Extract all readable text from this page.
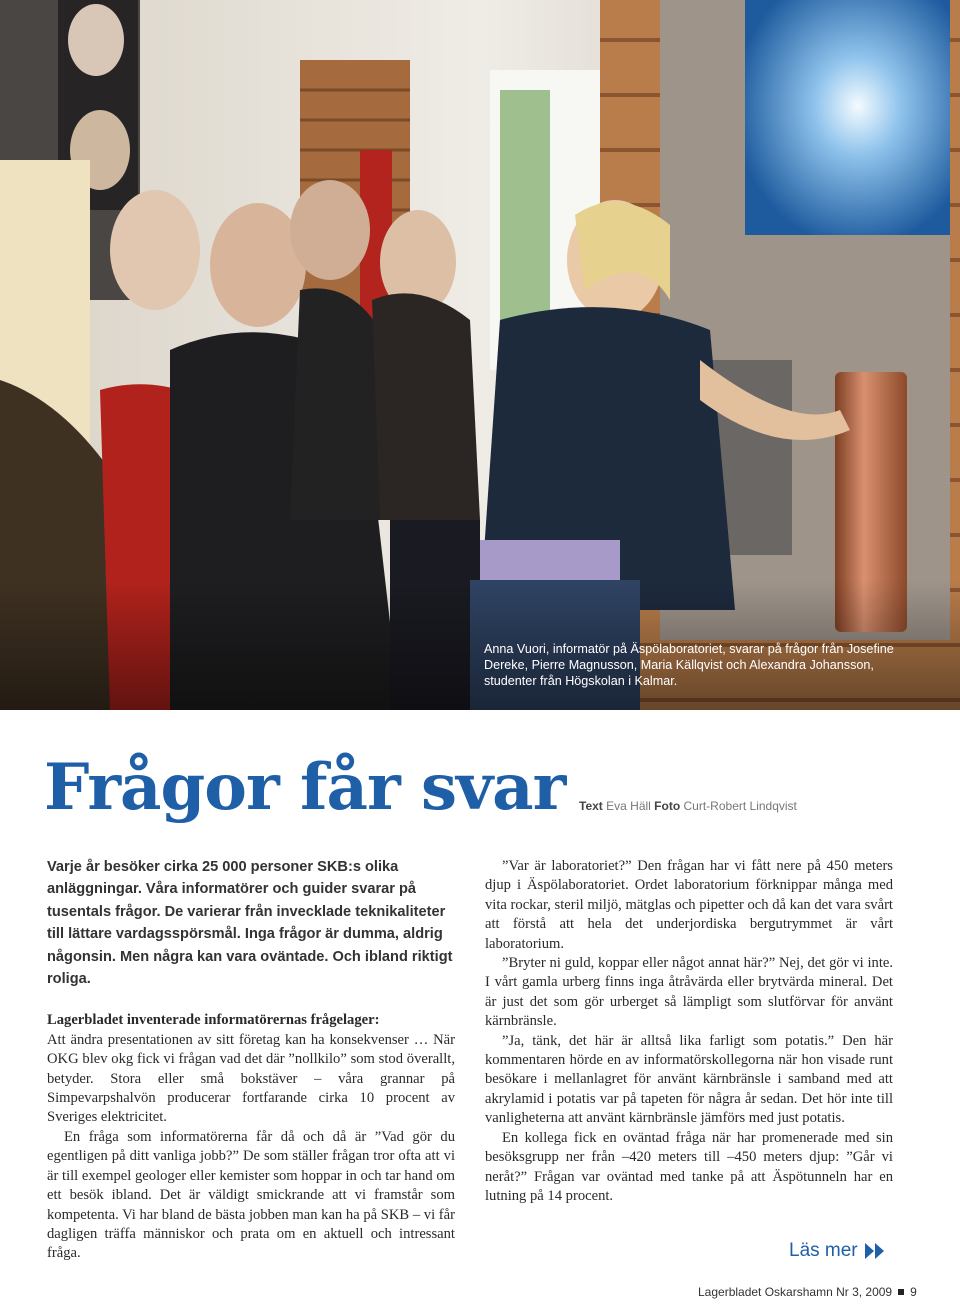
Anna Vuori, informatör på Äspölaboratoriet, svarar på frågor från Josefine Dereke, Pierre Magnusson, Maria Källqvist och Alexandra Johansson, studenter från Högskolan i Kalmar.
Frågor får svar Text Eva Häll Foto Curt-Robert Lindqvist

Varje år besöker cirka 25 000 personer SKB:s olika anläggningar. Våra informatörer och guider svarar på tusentals frågor. De varierar från invecklade teknikaliteter till lättare vardagsspörsmål. Inga frågor är dumma, aldrig någonsin. Men några kan vara oväntade. Och ibland riktigt roliga.

Lagerbladet inventerade informatörernas frågelager:

Att ändra presentationen av sitt företag kan ha konsekvenser … När OKG blev okg fick vi frågan vad det där ”nollkilo” som stod överallt, betyder. Stora eller små bokstäver – våra grannar på Simpevarpshalvön producerar fortfarande cirka 10 procent av Sveriges elektricitet.

En fråga som informatörerna får då och då är ”Vad gör du egentligen på ditt vanliga jobb?” De som ställer frågan tror ofta att vi är till exempel geologer eller kemister som hoppar in och tar hand om ett besök ibland. Det är väldigt smickrande att vi framstår som kompetenta. Vi har bland de bästa jobben man kan ha på SKB – vi får dagligen träffa människor och prata om en aktuell och intressant fråga.

”Var är laboratoriet?” Den frågan har vi fått nere på 450 meters djup i Äspölaboratoriet. Ordet laboratorium förknippar många med vita rockar, steril miljö, mätglas och pipetter och då kan det vara svårt att förstå att hela det underjordiska bergutrymmet är vårt laboratorium.

”Bryter ni guld, koppar eller något annat här?” Nej, det gör vi inte. I vårt gamla urberg finns inga åtråvärda eller brytvärda mineral. Det är just det som gör urberget så lämpligt som slutförvar för använt kärnbränsle.

”Ja, tänk, det här är alltså lika farligt som potatis.” Den här kommentaren hörde en av informatörskollegorna när hon visade runt besökare i mellanlagret för använt kärnbränsle i samband med att akrylamid i potatis var på tapeten för några år sedan. Det hör inte till vanligheterna att använt kärnbränsle jämförs med just potatis.

En kollega fick en oväntad fråga när har promenerade med sin besöksgrupp ner från –420 meters till –450 meters djup: ”Går vi neråt?” Frågan var oväntad med tanke på att Äspötunneln har en lutning på 14 procent.

Läs mer
Lagerbladet Oskarshamn Nr 3, 2009 9
